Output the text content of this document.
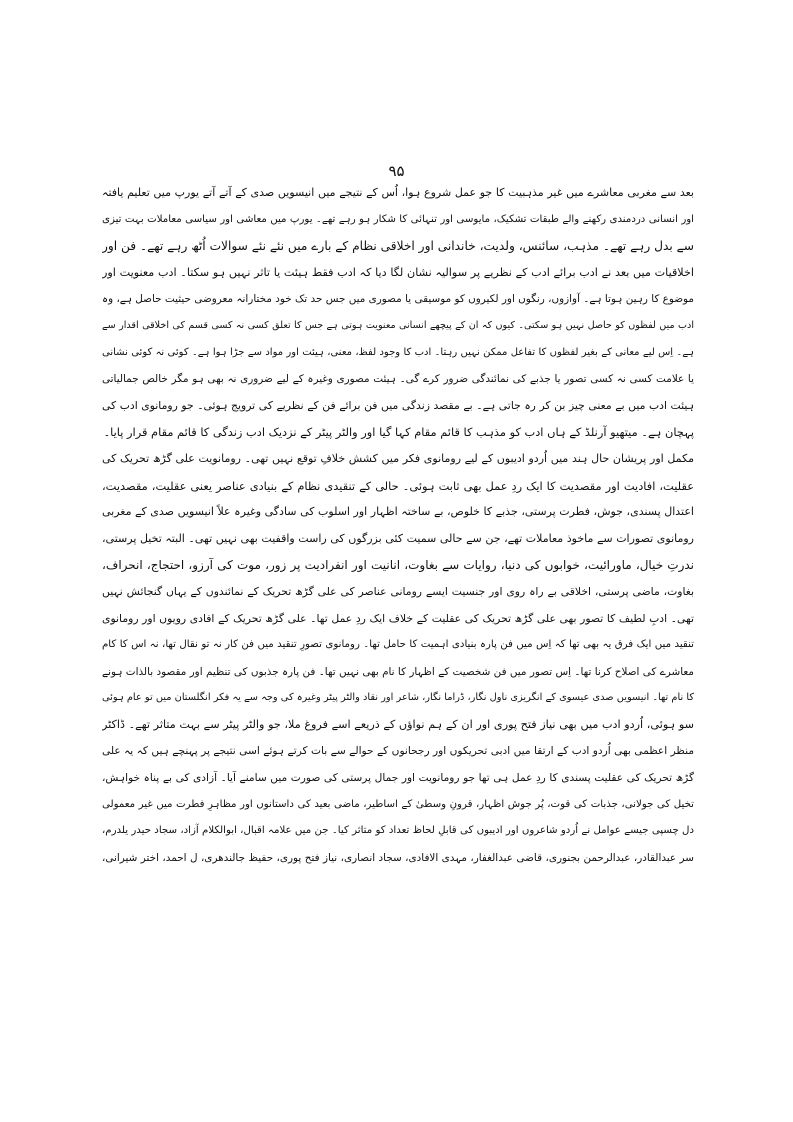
۹۵
بعد سے مغربی معاشرے میں غیر مذہبیت کا جو عمل شروع ہوا، اُس کے نتیجے میں انیسویں صدی کے آتے آتے یورپ میں تعلیم یافتہ
اور انسانی دردمندی رکھنے والے طبقات تشکیک، مایوسی اور تنہائی کا شکار ہو رہے تھے۔ یورپ میں معاشی اور سیاسی معاملات بہت تیزی
سے بدل رہے تھے۔ مذہب، سائنس، ولدیت، خاندانی اور اخلاقی نظام کے بارے میں نئے نئے سوالات اُٹھ رہے تھے۔ فن اور
اخلاقیات میں بعد نے ادب برائے ادب کے نظریے پر سوالیہ نشان لگا دیا کہ ادب فقط ہیئت یا تاثر نہیں ہو سکتا۔ ادب معنویت اور
موضوع کا رہین ہوتا ہے۔ آوازوں، رنگوں اور لکیروں کو موسیقی یا مصوری میں جس حد تک خود مختارانہ معروضی حیثیت حاصل ہے، وہ
ادب میں لفظوں کو حاصل نہیں ہو سکتی۔ کیوں کہ ان کے پیچھے انسانی معنویت ہوتی ہے جس کا تعلق کسی نہ کسی قسم کی اخلاقی اقدار سے
ہے۔ اِس لیے معانی کے بغیر لفظوں کا تفاعل ممکن نہیں رہتا۔ ادب کا وجود لفظ، معنی، ہیئت اور مواد سے جڑا ہوا ہے۔ کوئی نہ کوئی نشانی
یا علامت کسی نہ کسی تصور یا جذبے کی نمائندگی ضرور کرے گی۔ ہیئت مصوری وغیرہ کے لیے ضروری نہ بھی ہو مگر خالص جمالیاتی
ہیئت ادب میں بے معنی چیز بن کر رہ جاتی ہے۔ بے مقصد زندگی میں فن برائے فن کے نظریے کی ترویج ہوئی۔ جو رومانوی ادب کی
پہچان ہے۔ میتھیو آرنلڈ کے ہاں ادب کو مذہب کا قائم مقام کہا گیا اور والٹر پیٹر کے نزدیک ادب زندگی کا قائم مقام قرار پایا۔
مکمل اور پریشان حال ہند میں اُردو ادیبوں کے لیے رومانوی فکر میں کشش خلافِ توقع نہیں تھی۔ رومانویت علی گڑھ تحریک کی
عقلیت، افادیت اور مقصدیت کا ایک ردِ عمل بھی ثابت ہوئی۔ حالی کے تنقیدی نظام کے بنیادی عناصر یعنی عقلیت، مقصدیت،
اعتدال پسندی، جوش، فطرت پرستی، جذبے کا خلوص، بے ساختہ اظہار اور اسلوب کی سادگی وغیرہ علاً انیسویں صدی کے مغربی
رومانوی تصورات سے ماخوذ معاملات تھے، جن سے حالی سمیت کئی بزرگوں کی راست واقفیت بھی نہیں تھی۔ البتہ تخیل پرستی،
ندرتِ خیال، ماورائیت، خوابوں کی دنیا، روایات سے بغاوت، انانیت اور انفرادیت پر زور، موت کی آرزو، احتجاج، انحراف،
بغاوت، ماضی پرستی، اخلاقی بے راہ روی اور جنسیت ایسے رومانی عناصر کی علی گڑھ تحریک کے نمائندوں کے یہاں گنجائش نہیں
تھی۔ ادبِ لطیف کا تصور بھی علی گڑھ تحریک کی عقلیت کے خلاف ایک ردِ عمل تھا۔ علی گڑھ تحریک کے افادی رویوں اور رومانوی
تنقید میں ایک فرق یہ بھی تھا کہ اِس میں فن پارہ بنیادی اہمیت کا حامل تھا۔ رومانوی تصورِ تنقید میں فن کار نہ تو نقال تھا، نہ اس کا کام
معاشرے کی اصلاح کرنا تھا۔ اِس تصور میں فن شخصیت کے اظہار کا نام بھی نہیں تھا۔ فن پارہ جذبوں کی تنظیم اور مقصود بالذات ہونے
کا نام تھا۔ انیسویں صدی عیسوی کے انگریزی ناول نگار، ڈراما نگار، شاعر اور نقاد والٹر پیٹر وغیرہ کی وجہ سے یہ فکر انگلستان میں تو عام ہوئی
سو ہوئی، اُردو ادب میں بھی نیاز فتح پوری اور ان کے ہم نواؤں کے ذریعے اسے فروغ ملا، جو والٹر پیٹر سے بہت متاثر تھے۔ ڈاکٹر
منظر اعظمی بھی اُردو ادب کے ارتقا میں ادبی تحریکوں اور رجحانوں کے حوالے سے بات کرتے ہوئے اسی نتیجے پر پہنچے ہیں کہ یہ علی
گڑھ تحریک کی عقلیت پسندی کا ردِ عمل ہی تھا جو رومانویت اور جمال پرستی کی صورت میں سامنے آیا۔ آزادی کی بے پناہ خواہش،
تخیل کی جولانی، جذبات کی قوت، پُر جوش اظہار، قرونِ وسطیٰ کے اساطیر، ماضی بعید کی داستانوں اور مظاہرِ فطرت میں غیر معمولی
دل چسپی جیسے عوامل نے اُردو شاعروں اور ادیبوں کی قابلِ لحاظ تعداد کو متاثر کیا۔ جن میں علامہ اقبال، ابوالکلام آزاد، سجاد حیدر یلدرم،
سر عبدالقادر، عبدالرحمن بجنوری، قاضی عبدالغفار، مہدی الافادی، سجاد انصاری، نیاز فتح پوری، حفیظ جالندھری، ل احمد، اختر شیرانی،
